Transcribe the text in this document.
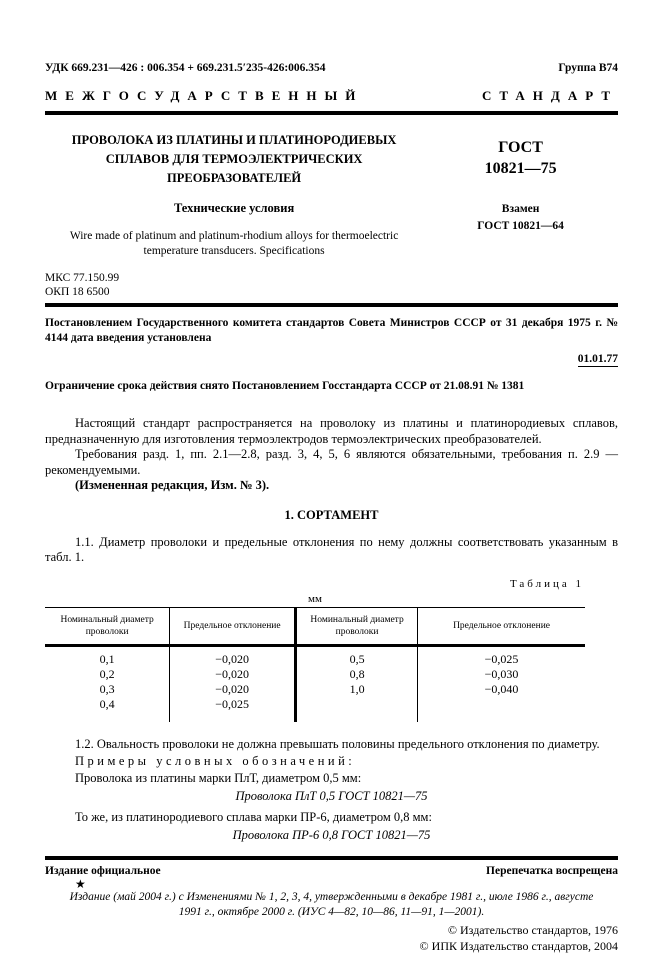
УДК 669.231—426 : 006.354 + 669.231.5′235-426:006.354	Группа В74
МЕЖГОСУДАРСТВЕННЫЙ	СТАНДАРТ
ПРОВОЛОКА ИЗ ПЛАТИНЫ И ПЛАТИНОРОДИЕВЫХ
СПЛАВОВ ДЛЯ ТЕРМОЭЛЕКТРИЧЕСКИХ
ПРЕОБРАЗОВАТЕЛЕЙ
Технические условия
Wire made of platinum and platinum-rhodium alloys for thermoelectric
temperature transducers. Specifications
ГОСТ
10821—75
Взамен
ГОСТ 10821—64
МКС 77.150.99
ОКП 18 6500
Постановлением Государственного комитета стандартов Совета Министров СССР от 31 декабря 1975 г. № 4144 дата введения установлена
01.01.77
Ограничение срока действия снято Постановлением Госстандарта СССР от 21.08.91 № 1381

Настоящий стандарт распространяется на проволоку из платины и платинородиевых сплавов, предназначенную для изготовления термоэлектродов термоэлектрических преобразователей.

Требования разд. 1, пп. 2.1—2.8, разд. 3, 4, 5, 6 являются обязательными, требования п. 2.9 — рекомендуемыми.

(Измененная редакция, Изм. № 3).

1. СОРТАМЕНТ
1.1. Диаметр проволоки и предельные отклонения по нему должны соответствовать указанным в табл. 1.
Таблица 1
мм
Номинальный диаметр проволоки	Предельное отклонение	Номинальный диаметр проволоки	Предельное отклонение
0,1	−0,020	0,5	−0,025
0,2	−0,020	0,8	−0,030
0,3	−0,020	1,0	−0,040
0,4	−0,025		
1.2. Овальность проволоки не должна превышать половины предельного отклонения по диаметру.
Примеры условных обозначений:
Проволока из платины марки ПлТ, диаметром 0,5 мм:
Проволока ПлТ 0,5 ГОСТ 10821—75
То же, из платинородиевого сплава марки ПР-6, диаметром 0,8 мм:
Проволока ПР-6 0,8 ГОСТ 10821—75
Издание официальное	Перепечатка воспрещена
★
Издание (май 2004 г.) с Изменениями № 1, 2, 3, 4, утвержденными в декабре 1981 г., июле 1986 г., августе 1991 г., октябре 2000 г. (ИУС 4—82, 10—86, 11—91, 1—2001).
© Издательство стандартов, 1976
© ИПК Издательство стандартов, 2004
